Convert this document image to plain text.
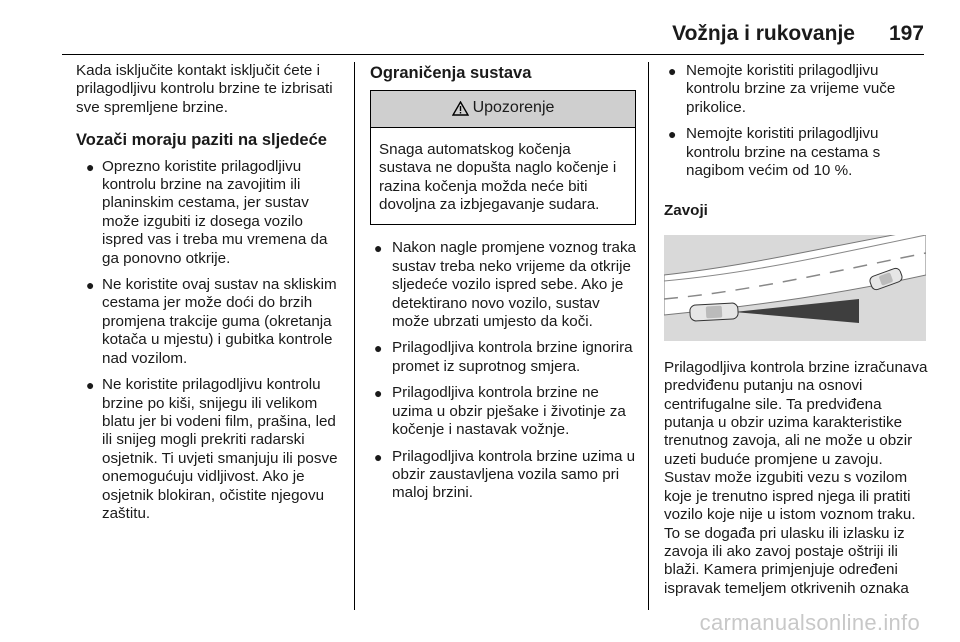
Vožnja i rukovanje 197

Kada isključite kontakt isključit ćete i prilagodljivu kontrolu brzine te izbrisati sve spremljene brzine.

Vozači moraju paziti na sljedeće

● Oprezno koristite prilagodljivu kontrolu brzine na zavojitim ili planinskim cestama, jer sustav može izgubiti iz dosega vozilo ispred vas i treba mu vremena da ga ponovno otkrije.
● Ne koristite ovaj sustav na skliskim cestama jer može doći do brzih promjena trakcije guma (okretanja kotača u mjestu) i gubitka kontrole nad vozilom.
● Ne koristite prilagodljivu kontrolu brzine po kiši, snijegu ili velikom blatu jer bi vodeni film, prašina, led ili snijeg mogli prekriti radarski osjetnik. Ti uvjeti smanjuju ili posve onemogućuju vidljivost. Ako je osjetnik blokiran, očistite njegovu zaštitu.

Ograničenja sustava

Upozorenje
Snaga automatskog kočenja sustava ne dopušta naglo kočenje i razina kočenja možda neće biti dovoljna za izbjegavanje sudara.
● Nakon nagle promjene voznog traka sustav treba neko vrijeme da otkrije sljedeće vozilo ispred sebe. Ako je detektirano novo vozilo, sustav može ubrzati umjesto da koči.
● Prilagodljiva kontrola brzine ignorira promet iz suprotnog smjera.
● Prilagodljiva kontrola brzine ne uzima u obzir pješake i životinje za kočenje i nastavak vožnje.
● Prilagodljiva kontrola brzine uzima u obzir zaustavljena vozila samo pri maloj brzini.
● Nemojte koristiti prilagodljivu kontrolu brzine za vrijeme vuče prikolice.
● Nemojte koristiti prilagodljivu kontrolu brzine na cestama s nagibom većim od 10 %.

Zavoji

Prilagodljiva kontrola brzine izračunava predviđenu putanju na osnovi centrifugalne sile. Ta predviđena putanja u obzir uzima karakteristike trenutnog zavoja, ali ne može u obzir uzeti buduće promjene u zavoju. Sustav može izgubiti vezu s vozilom koje je trenutno ispred njega ili pratiti vozilo koje nije u istom voznom traku. To se događa pri ulasku ili izlasku iz zavoja ili ako zavoj postaje oštriji ili blaži. Kamera primjenjuje određeni ispravak temeljem otkrivenih oznaka

carmanualsonline.info
